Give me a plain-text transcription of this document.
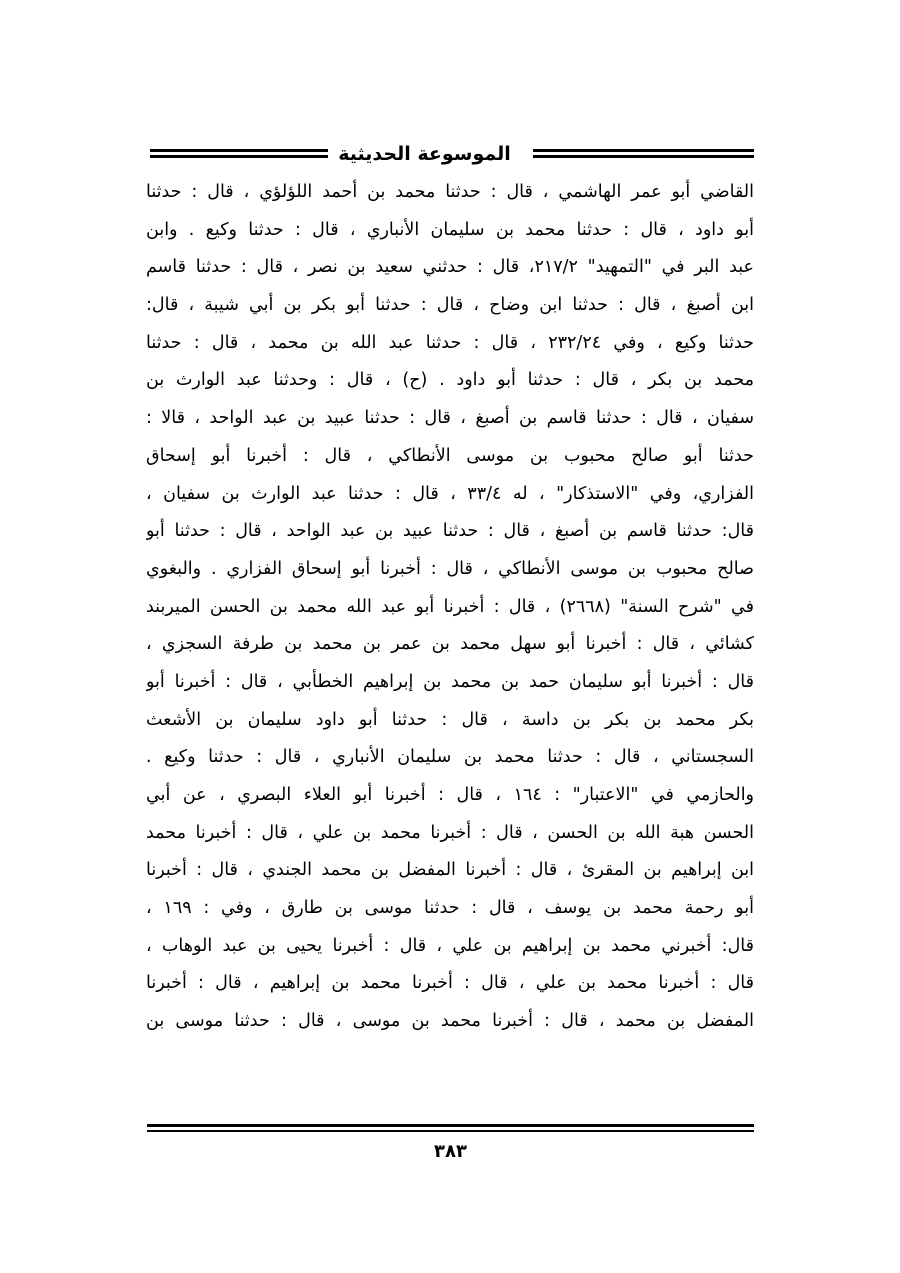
الموسوعة الحديثية
القاضي أبو عمر الهاشمي ، قال : حدثنا محمد بن أحمد اللؤلؤي ، قال : حدثنا
أبو داود ، قال : حدثنا محمد بن سليمان الأنباري ، قال : حدثنا وكيع . وابن
عبد البر في "التمهيد" ٢١٧/٢، قال : حدثني سعيد بن نصر ، قال : حدثنا قاسم
ابن أصبغ ، قال : حدثنا ابن وضاح ، قال : حدثنا أبو بكر بن أبي شيبة ، قال:
حدثنا وكيع ، وفي ٢٣٢/٢٤ ، قال : حدثنا عبد الله بن محمد ، قال : حدثنا
محمد بن بكر ، قال : حدثنا أبو داود . (ح) ، قال : وحدثنا عبد الوارث بن
سفيان ، قال : حدثنا قاسم بن أصبغ ، قال : حدثنا عبيد بن عبد الواحد ، قالا :
حدثنا أبو صالح محبوب بن موسى الأنطاكي ، قال : أخبرنا أبو إسحاق
الفزاري، وفي "الاستذكار" ، له ٣٣/٤ ، قال : حدثنا عبد الوارث بن سفيان ،
قال: حدثنا قاسم بن أصبغ ، قال : حدثنا عبيد بن عبد الواحد ، قال : حدثنا أبو
صالح محبوب بن موسى الأنطاكي ، قال : أخبرنا أبو إسحاق الفزاري . والبغوي
في "شرح السنة" (٢٦٦٨) ، قال : أخبرنا أبو عبد الله محمد بن الحسن الميربند
كشائي ، قال : أخبرنا أبو سهل محمد بن عمر بن محمد بن طرفة السجزي ،
قال : أخبرنا أبو سليمان حمد بن محمد بن إبراهيم الخطأبي ، قال : أخبرنا أبو
بكر محمد بن بكر بن داسة ، قال : حدثنا أبو داود سليمان بن الأشعث
السجستاني ، قال : حدثنا محمد بن سليمان الأنباري ، قال : حدثنا وكيع .
والحازمي في "الاعتبار" : ١٦٤ ، قال : أخبرنا أبو العلاء البصري ، عن أبي
الحسن هبة الله بن الحسن ، قال : أخبرنا محمد بن علي ، قال : أخبرنا محمد
ابن إبراهيم بن المقرئ ، قال : أخبرنا المفضل بن محمد الجندي ، قال : أخبرنا
أبو رحمة محمد بن يوسف ، قال : حدثنا موسى بن طارق ، وفي : ١٦٩ ،
قال: أخبرني محمد بن إبراهيم بن علي ، قال : أخبرنا يحيى بن عبد الوهاب ،
قال : أخبرنا محمد بن علي ، قال : أخبرنا محمد بن إبراهيم ، قال : أخبرنا
المفضل بن محمد ، قال : أخبرنا محمد بن موسى ، قال : حدثنا موسى بن
٣٨٣
